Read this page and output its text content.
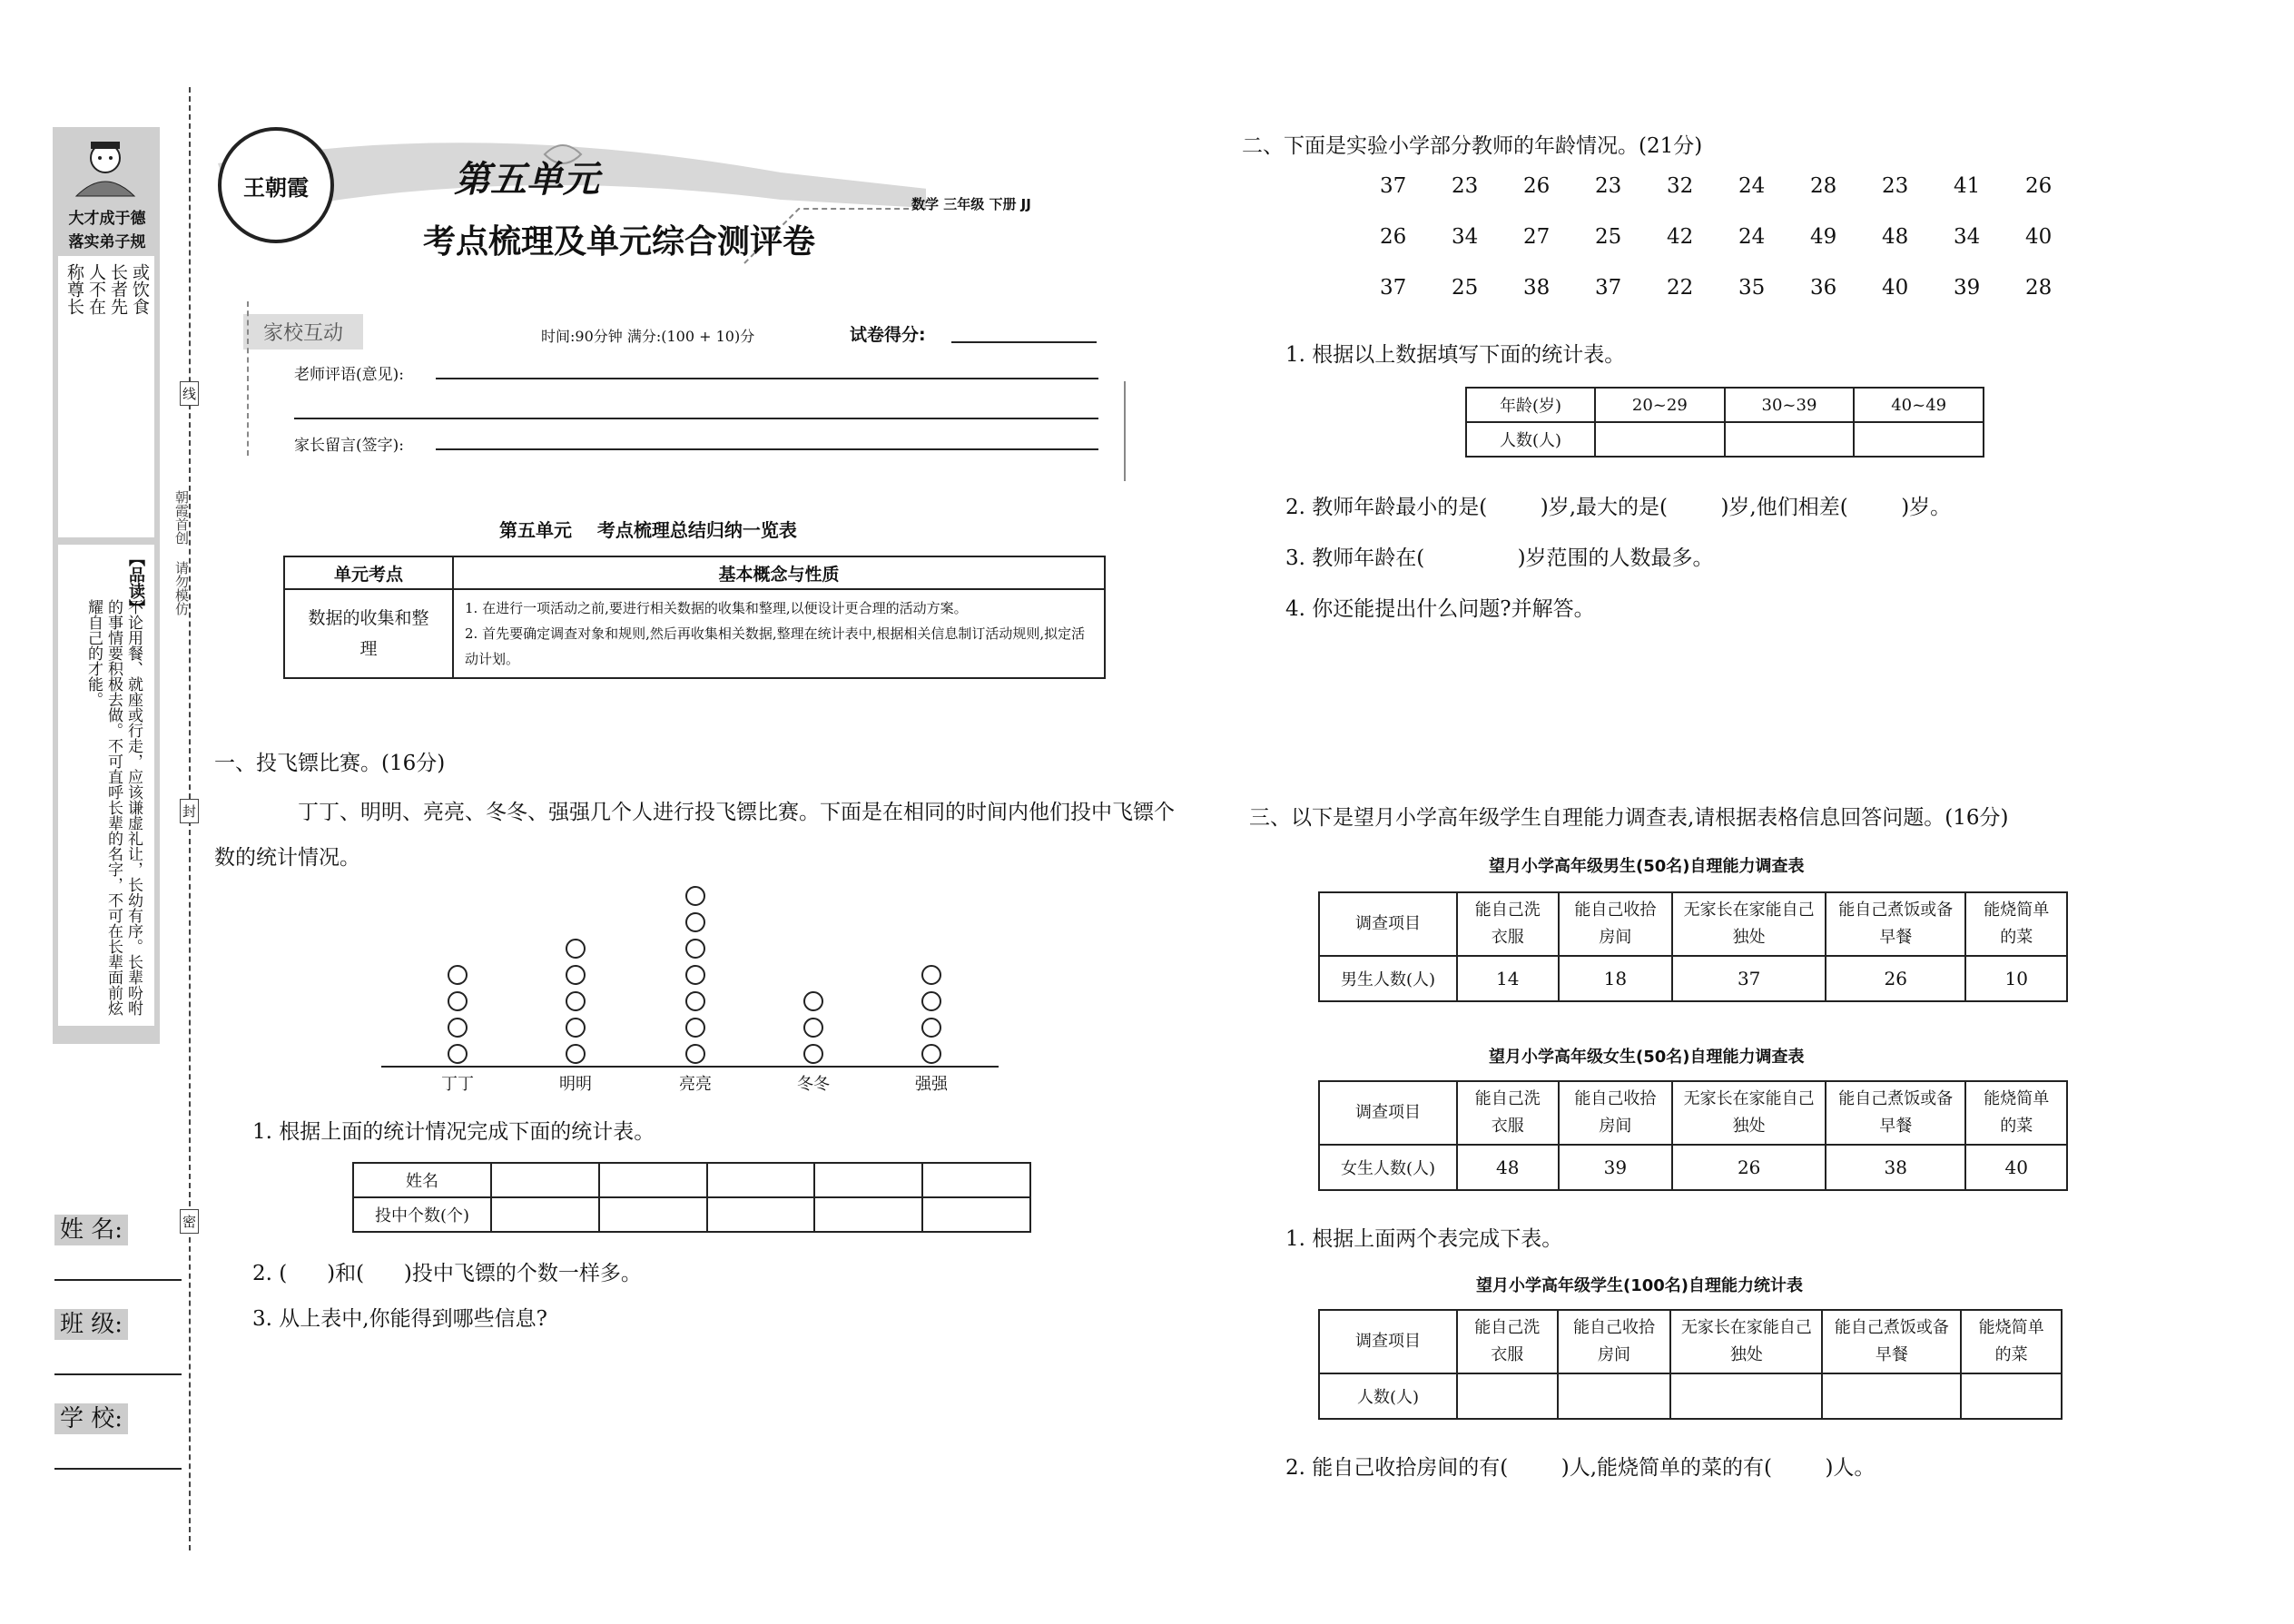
大才成于德
落实弟子规
或饮食
长者先
人不在
称尊长
【品读】
不论用餐、就座或行走，应该谦虚礼让，长幼有序。长辈吩咐的事情要积极去做。不可直呼长辈的名字，不可在长辈面前炫耀自己的才能。
线
封
密
朝霞首创 请勿模仿
姓 名:
班 级:
学 校:
王朝霞	第五单元
考点梳理及单元综合测评卷
数学 三年级 下册 JJ
家校互动	时间:90分钟 满分:(100 + 10)分	试卷得分:
老师评语(意见):
家长留言(签字):
第五单元    考点梳理总结归纳一览表
单元考点	基本概念与性质
数据的收集和整理	1. 在进行一项活动之前,要进行相关数据的收集和整理,以便设计更合理的活动方案。
2. 首先要确定调查对象和规则,然后再收集相关数据,整理在统计表中,根据相关信息制订活动规则,拟定活动计划。
一、投飞镖比赛。(16分)
丁丁、明明、亮亮、冬冬、强强几个人进行投飞镖比赛。下面是在相同的时间内他们投中飞镖个数的统计情况。
丁丁	明明	亮亮	冬冬	强强
1. 根据上面的统计情况完成下面的统计表。
姓名					
投中个数(个)					
2. (      )和(      )投中飞镖的个数一样多。
3. 从上表中,你能得到哪些信息?
二、下面是实验小学部分教师的年龄情况。(21分)
37	23	26	23	32	24	28	23	41	26
26	34	27	25	42	24	49	48	34	40
37	25	38	37	22	35	36	40	39	28
1. 根据以上数据填写下面的统计表。
年龄(岁)	20~29	30~39	40~49
人数(人)			
2. 教师年龄最小的是(        )岁,最大的是(        )岁,他们相差(        )岁。
3. 教师年龄在(              )岁范围的人数最多。
4. 你还能提出什么问题?并解答。
三、以下是望月小学高年级学生自理能力调查表,请根据表格信息回答问题。(16分)
望月小学高年级男生(50名)自理能力调查表
调查项目	能自己洗衣服	能自己收拾房间	无家长在家能自己独处	能自己煮饭或备早餐	能烧简单的菜
男生人数(人)	14	18	37	26	10
望月小学高年级女生(50名)自理能力调查表
调查项目	能自己洗衣服	能自己收拾房间	无家长在家能自己独处	能自己煮饭或备早餐	能烧简单的菜
女生人数(人)	48	39	26	38	40
1. 根据上面两个表完成下表。
望月小学高年级学生(100名)自理能力统计表
调查项目	能自己洗衣服	能自己收拾房间	无家长在家能自己独处	能自己煮饭或备早餐	能烧简单的菜
人数(人)					
2. 能自己收拾房间的有(        )人,能烧简单的菜的有(        )人。
